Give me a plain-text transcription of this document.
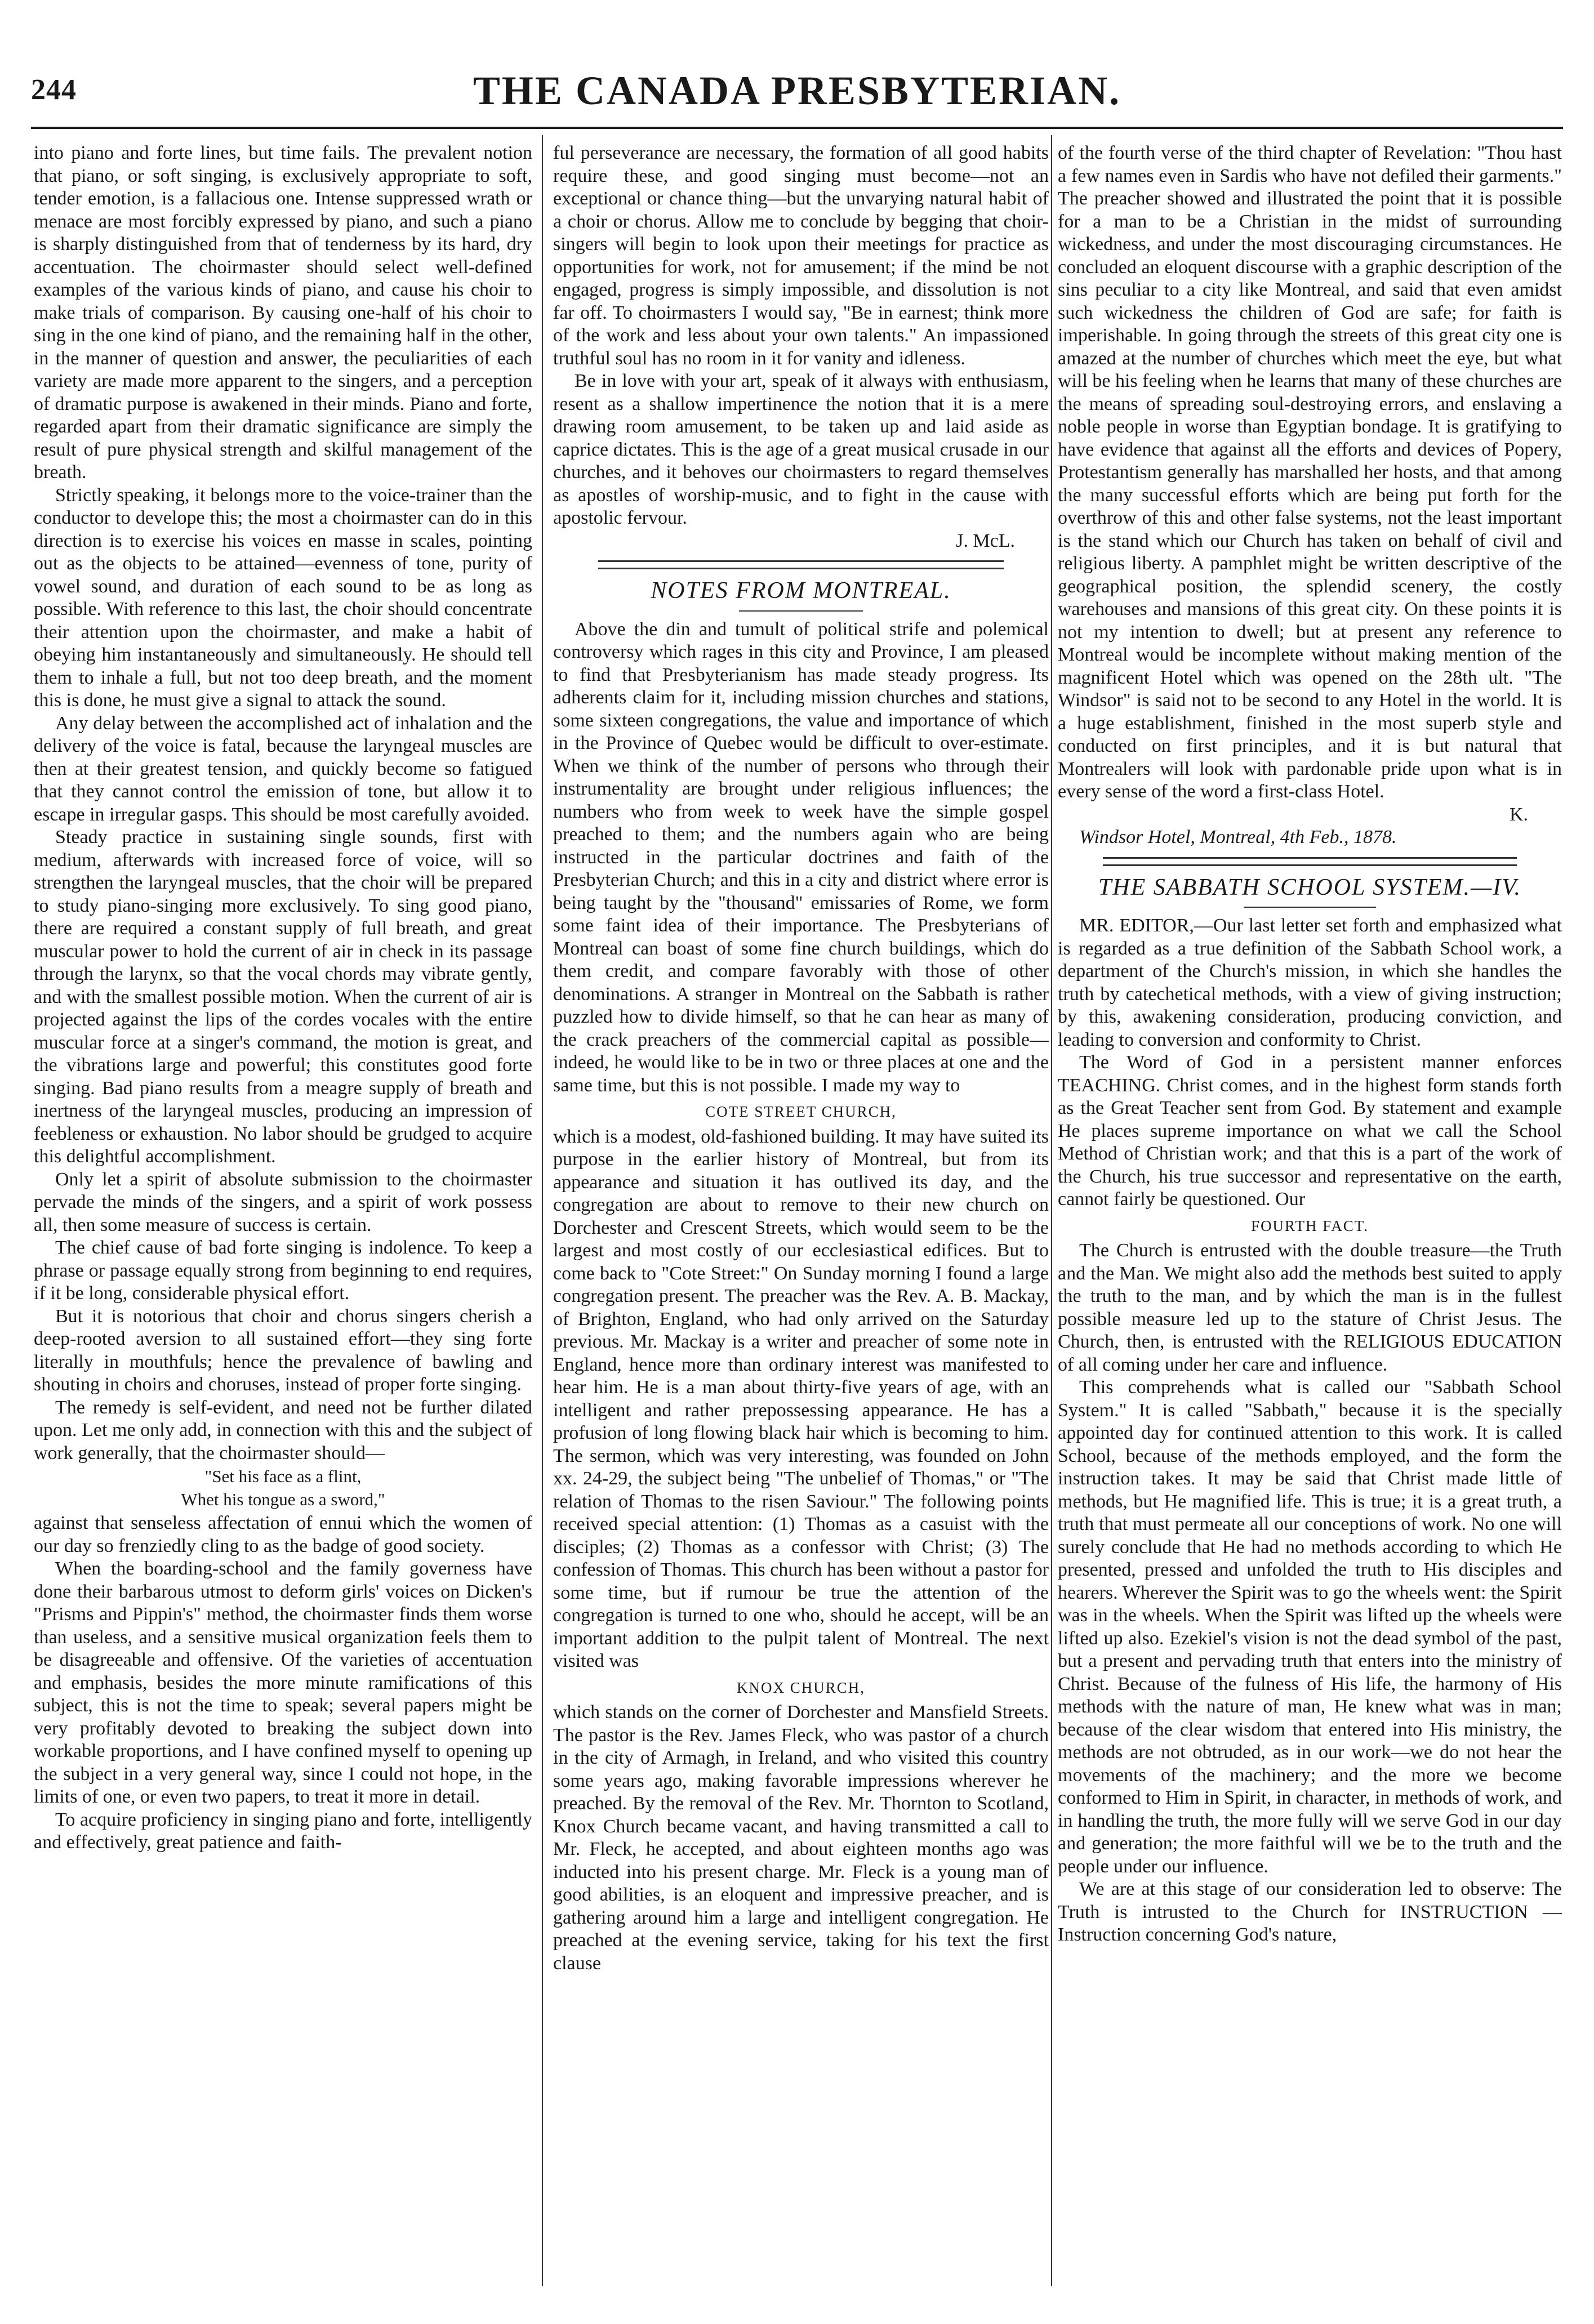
244	THE CANADA PRESBYTERIAN.

into piano and forte lines, but time fails. The prevalent notion that piano, or soft singing, is exclusively appropriate to soft, tender emotion, is a fallacious one. Intense suppressed wrath or menace are most forcibly expressed by piano, and such a piano is sharply distinguished from that of tenderness by its hard, dry accentuation. The choirmaster should select well-defined examples of the various kinds of piano, and cause his choir to make trials of comparison. By causing one-half of his choir to sing in the one kind of piano, and the remaining half in the other, in the manner of question and answer, the peculiarities of each variety are made more apparent to the singers, and a perception of dramatic purpose is awakened in their minds. Piano and forte, regarded apart from their dramatic significance are simply the result of pure physical strength and skilful management of the breath.

Strictly speaking, it belongs more to the voice-trainer than the conductor to develope this; the most a choirmaster can do in this direction is to exercise his voices en masse in scales, pointing out as the objects to be attained—evenness of tone, purity of vowel sound, and duration of each sound to be as long as possible. With reference to this last, the choir should concentrate their attention upon the choirmaster, and make a habit of obeying him instantaneously and simultaneously. He should tell them to inhale a full, but not too deep breath, and the moment this is done, he must give a signal to attack the sound.

Any delay between the accomplished act of inhalation and the delivery of the voice is fatal, because the laryngeal muscles are then at their greatest tension, and quickly become so fatigued that they cannot control the emission of tone, but allow it to escape in irregular gasps. This should be most carefully avoided.

Steady practice in sustaining single sounds, first with medium, afterwards with increased force of voice, will so strengthen the laryngeal muscles, that the choir will be prepared to study piano-singing more exclusively. To sing good piano, there are required a constant supply of full breath, and great muscular power to hold the current of air in check in its passage through the larynx, so that the vocal chords may vibrate gently, and with the smallest possible motion. When the current of air is projected against the lips of the cordes vocales with the entire muscular force at a singer's command, the motion is great, and the vibrations large and powerful; this constitutes good forte singing. Bad piano results from a meagre supply of breath and inertness of the laryngeal muscles, producing an impression of feebleness or exhaustion. No labor should be grudged to acquire this delightful accomplishment.

Only let a spirit of absolute submission to the choirmaster pervade the minds of the singers, and a spirit of work possess all, then some measure of success is certain.

The chief cause of bad forte singing is indolence. To keep a phrase or passage equally strong from beginning to end requires, if it be long, considerable physical effort.

But it is notorious that choir and chorus singers cherish a deep-rooted aversion to all sustained effort—they sing forte literally in mouthfuls; hence the prevalence of bawling and shouting in choirs and choruses, instead of proper forte singing.

The remedy is self-evident, and need not be further dilated upon. Let me only add, in connection with this and the subject of work generally, that the choirmaster should—

"Set his face as a flint,

Whet his tongue as a sword,"

against that senseless affectation of ennui which the women of our day so frenziedly cling to as the badge of good society.

When the boarding-school and the family governess have done their barbarous utmost to deform girls' voices on Dicken's "Prisms and Pippin's" method, the choirmaster finds them worse than useless, and a sensitive musical organization feels them to be disagreeable and offensive. Of the varieties of accentuation and emphasis, besides the more minute ramifications of this subject, this is not the time to speak; several papers might be very profitably devoted to breaking the subject down into workable proportions, and I have confined myself to opening up the subject in a very general way, since I could not hope, in the limits of one, or even two papers, to treat it more in detail.

To acquire proficiency in singing piano and forte, intelligently and effectively, great patience and faith-

ful perseverance are necessary, the formation of all good habits require these, and good singing must become—not an exceptional or chance thing—but the unvarying natural habit of a choir or chorus. Allow me to conclude by begging that choir-singers will begin to look upon their meetings for practice as opportunities for work, not for amusement; if the mind be not engaged, progress is simply impossible, and dissolution is not far off. To choirmasters I would say, "Be in earnest; think more of the work and less about your own talents." An impassioned truthful soul has no room in it for vanity and idleness.

Be in love with your art, speak of it always with enthusiasm, resent as a shallow impertinence the notion that it is a mere drawing room amusement, to be taken up and laid aside as caprice dictates. This is the age of a great musical crusade in our churches, and it behoves our choirmasters to regard themselves as apostles of worship-music, and to fight in the cause with apostolic fervour.

J. McL.

NOTES FROM MONTREAL.

Above the din and tumult of political strife and polemical controversy which rages in this city and Province, I am pleased to find that Presbyterianism has made steady progress. Its adherents claim for it, including mission churches and stations, some sixteen congregations, the value and importance of which in the Province of Quebec would be difficult to over-estimate. When we think of the number of persons who through their instrumentality are brought under religious influences; the numbers who from week to week have the simple gospel preached to them; and the numbers again who are being instructed in the particular doctrines and faith of the Presbyterian Church; and this in a city and district where error is being taught by the "thousand" emissaries of Rome, we form some faint idea of their importance. The Presbyterians of Montreal can boast of some fine church buildings, which do them credit, and compare favorably with those of other denominations. A stranger in Montreal on the Sabbath is rather puzzled how to divide himself, so that he can hear as many of the crack preachers of the commercial capital as possible—indeed, he would like to be in two or three places at one and the same time, but this is not possible. I made my way to

COTE STREET CHURCH,

which is a modest, old-fashioned building. It may have suited its purpose in the earlier history of Montreal, but from its appearance and situation it has outlived its day, and the congregation are about to remove to their new church on Dorchester and Crescent Streets, which would seem to be the largest and most costly of our ecclesiastical edifices. But to come back to "Cote Street:" On Sunday morning I found a large congregation present. The preacher was the Rev. A. B. Mackay, of Brighton, England, who had only arrived on the Saturday previous. Mr. Mackay is a writer and preacher of some note in England, hence more than ordinary interest was manifested to hear him. He is a man about thirty-five years of age, with an intelligent and rather prepossessing appearance. He has a profusion of long flowing black hair which is becoming to him. The sermon, which was very interesting, was founded on John xx. 24-29, the subject being "The unbelief of Thomas," or "The relation of Thomas to the risen Saviour." The following points received special attention: (1) Thomas as a casuist with the disciples; (2) Thomas as a confessor with Christ; (3) The confession of Thomas. This church has been without a pastor for some time, but if rumour be true the attention of the congregation is turned to one who, should he accept, will be an important addition to the pulpit talent of Montreal. The next visited was

KNOX CHURCH,

which stands on the corner of Dorchester and Mansfield Streets. The pastor is the Rev. James Fleck, who was pastor of a church in the city of Armagh, in Ireland, and who visited this country some years ago, making favorable impressions wherever he preached. By the removal of the Rev. Mr. Thornton to Scotland, Knox Church became vacant, and having transmitted a call to Mr. Fleck, he accepted, and about eighteen months ago was inducted into his present charge. Mr. Fleck is a young man of good abilities, is an eloquent and impressive preacher, and is gathering around him a large and intelligent congregation. He preached at the evening service, taking for his text the first clause

of the fourth verse of the third chapter of Revelation: "Thou hast a few names even in Sardis who have not defiled their garments." The preacher showed and illustrated the point that it is possible for a man to be a Christian in the midst of surrounding wickedness, and under the most discouraging circumstances. He concluded an eloquent discourse with a graphic description of the sins peculiar to a city like Montreal, and said that even amidst such wickedness the children of God are safe; for faith is imperishable. In going through the streets of this great city one is amazed at the number of churches which meet the eye, but what will be his feeling when he learns that many of these churches are the means of spreading soul-destroying errors, and enslaving a noble people in worse than Egyptian bondage. It is gratifying to have evidence that against all the efforts and devices of Popery, Protestantism generally has marshalled her hosts, and that among the many successful efforts which are being put forth for the overthrow of this and other false systems, not the least important is the stand which our Church has taken on behalf of civil and religious liberty. A pamphlet might be written descriptive of the geographical position, the splendid scenery, the costly warehouses and mansions of this great city. On these points it is not my intention to dwell; but at present any reference to Montreal would be incomplete without making mention of the magnificent Hotel which was opened on the 28th ult. "The Windsor" is said not to be second to any Hotel in the world. It is a huge establishment, finished in the most superb style and conducted on first principles, and it is but natural that Montrealers will look with pardonable pride upon what is in every sense of the word a first-class Hotel.

K.

Windsor Hotel, Montreal, 4th Feb., 1878.

THE SABBATH SCHOOL SYSTEM.—IV.

MR. EDITOR,—Our last letter set forth and emphasized what is regarded as a true definition of the Sabbath School work, a department of the Church's mission, in which she handles the truth by catechetical methods, with a view of giving instruction; by this, awakening consideration, producing conviction, and leading to conversion and conformity to Christ.

The Word of God in a persistent manner enforces TEACHING. Christ comes, and in the highest form stands forth as the Great Teacher sent from God. By statement and example He places supreme importance on what we call the School Method of Christian work; and that this is a part of the work of the Church, his true successor and representative on the earth, cannot fairly be questioned. Our

FOURTH FACT.

The Church is entrusted with the double treasure—the Truth and the Man. We might also add the methods best suited to apply the truth to the man, and by which the man is in the fullest possible measure led up to the stature of Christ Jesus. The Church, then, is entrusted with the RELIGIOUS EDUCATION of all coming under her care and influence.

This comprehends what is called our "Sabbath School System." It is called "Sabbath," because it is the specially appointed day for continued attention to this work. It is called School, because of the methods employed, and the form the instruction takes. It may be said that Christ made little of methods, but He magnified life. This is true; it is a great truth, a truth that must permeate all our conceptions of work. No one will surely conclude that He had no methods according to which He presented, pressed and unfolded the truth to His disciples and hearers. Wherever the Spirit was to go the wheels went: the Spirit was in the wheels. When the Spirit was lifted up the wheels were lifted up also. Ezekiel's vision is not the dead symbol of the past, but a present and pervading truth that enters into the ministry of Christ. Because of the fulness of His life, the harmony of His methods with the nature of man, He knew what was in man; because of the clear wisdom that entered into His ministry, the methods are not obtruded, as in our work—we do not hear the movements of the machinery; and the more we become conformed to Him in Spirit, in character, in methods of work, and in handling the truth, the more fully will we serve God in our day and generation; the more faithful will we be to the truth and the people under our influence.

We are at this stage of our consideration led to observe: The Truth is intrusted to the Church for INSTRUCTION — Instruction concerning God's nature,
